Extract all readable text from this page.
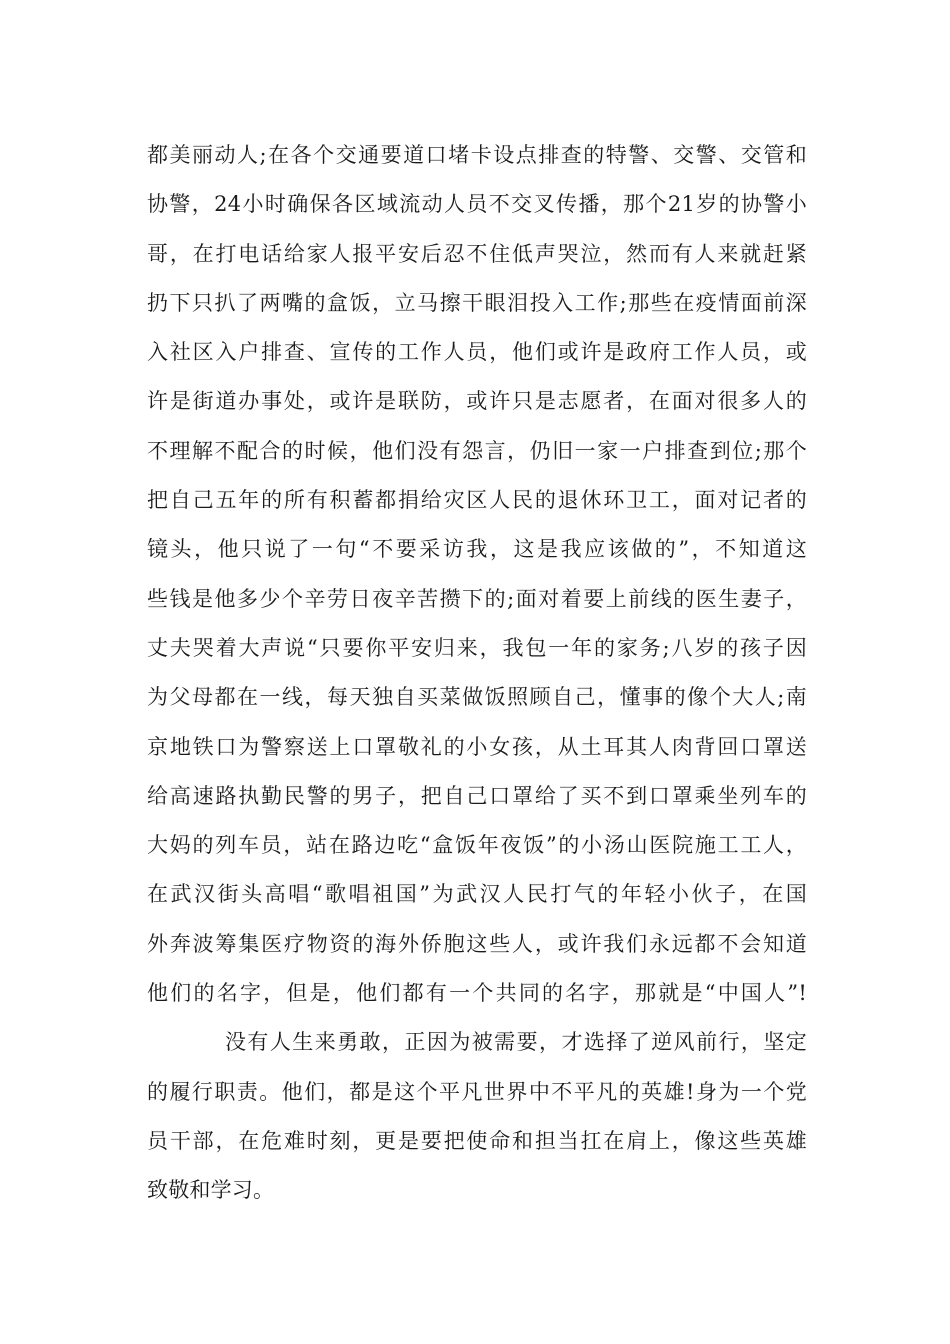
都美丽动人;在各个交通要道口堵卡设点排查的特警、交警、交管和
协警，24小时确保各区域流动人员不交叉传播，那个21岁的协警小
哥，在打电话给家人报平安后忍不住低声哭泣，然而有人来就赶紧
扔下只扒了两嘴的盒饭，立马擦干眼泪投入工作;那些在疫情面前深
入社区入户排查、宣传的工作人员，他们或许是政府工作人员，或
许是街道办事处，或许是联防，或许只是志愿者，在面对很多人的
不理解不配合的时候，他们没有怨言，仍旧一家一户排查到位;那个
把自己五年的所有积蓄都捐给灾区人民的退休环卫工，面对记者的
镜头，他只说了一句“不要采访我，这是我应该做的”，不知道这
些钱是他多少个辛劳日夜辛苦攒下的;面对着要上前线的医生妻子，
丈夫哭着大声说“只要你平安归来，我包一年的家务;八岁的孩子因
为父母都在一线，每天独自买菜做饭照顾自己，懂事的像个大人;南
京地铁口为警察送上口罩敬礼的小女孩，从土耳其人肉背回口罩送
给高速路执勤民警的男子，把自己口罩给了买不到口罩乘坐列车的
大妈的列车员，站在路边吃“盒饭年夜饭”的小汤山医院施工工人，
在武汉街头高唱“歌唱祖国”为武汉人民打气的年轻小伙子，在国
外奔波筹集医疗物资的海外侨胞这些人，或许我们永远都不会知道
他们的名字，但是，他们都有一个共同的名字，那就是“中国人”!
没有人生来勇敢，正因为被需要，才选择了逆风前行，坚定
的履行职责。他们，都是这个平凡世界中不平凡的英雄!身为一个党
员干部，在危难时刻，更是要把使命和担当扛在肩上，像这些英雄
致敬和学习。
